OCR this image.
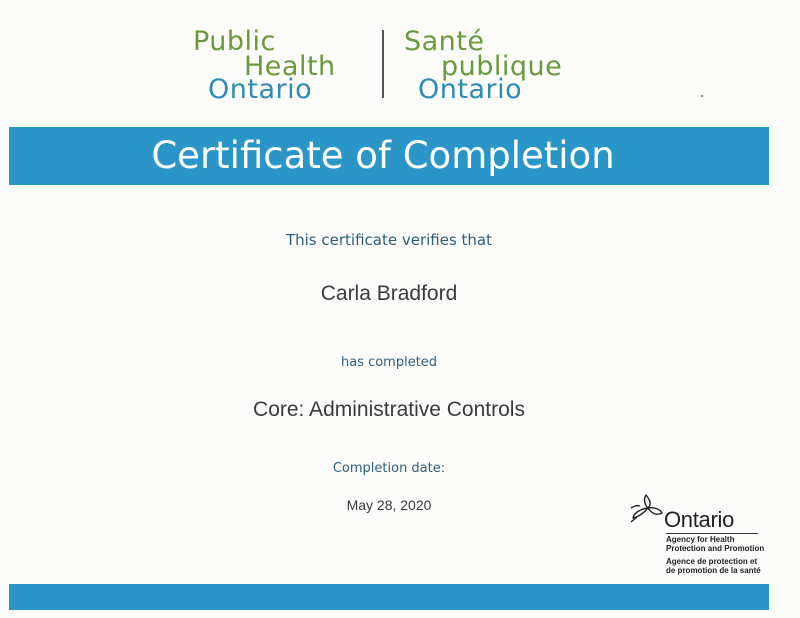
Public
Health
Ontario
Santé
publique
Ontario
Certificate of Completion
This certificate verifies that
Carla Bradford
has completed
Core: Administrative Controls
Completion date:
May 28, 2020
Ontario
Agency for Health
Protection and Promotion
Agence de protection et
de promotion de la santé
